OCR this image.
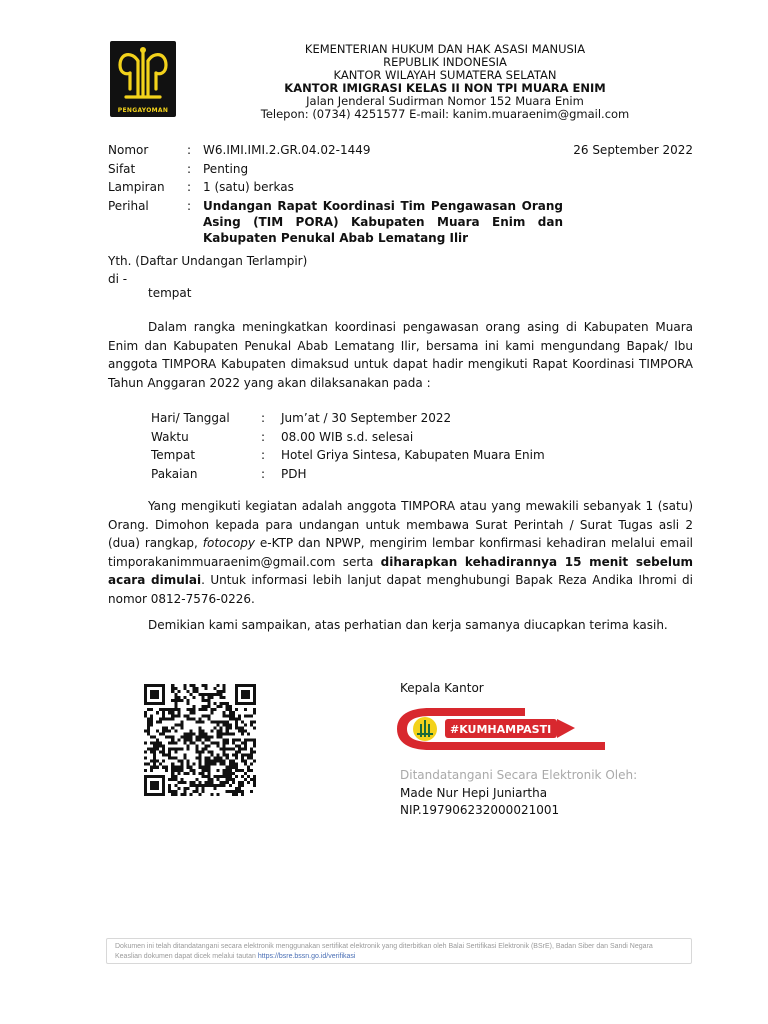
PENGAYOMAN
KEMENTERIAN HUKUM DAN HAK ASASI MANUSIA
REPUBLIK INDONESIA
KANTOR WILAYAH SUMATERA SELATAN
KANTOR IMIGRASI KELAS II NON TPI MUARA ENIM
Jalan Jenderal Sudirman Nomor 152 Muara Enim
Telepon: (0734) 4251577 E-mail: kanim.muaraenim@gmail.com
26 September 2022
Nomor	: W6.IMI.IMI.2.GR.04.02-1449
Sifat	: Penting
Lampiran	: 1 (satu) berkas
Perihal	: Undangan Rapat Koordinasi Tim Pengawasan Orang Asing (TIM PORA) Kabupaten Muara Enim dan Kabupaten Penukal Abab Lematang Ilir
Yth. (Daftar Undangan Terlampir)
di -
tempat
Dalam rangka meningkatkan koordinasi pengawasan orang asing di Kabupaten Muara Enim dan Kabupaten Penukal Abab Lematang Ilir, bersama ini kami mengundang Bapak/ Ibu anggota TIMPORA Kabupaten dimaksud untuk dapat hadir mengikuti Rapat Koordinasi TIMPORA Tahun Anggaran 2022 yang akan dilaksanakan pada :
Hari/ Tanggal	:	Jum’at / 30 September 2022
Waktu	:	08.00 WIB s.d. selesai
Tempat	:	Hotel Griya Sintesa, Kabupaten Muara Enim
Pakaian	:	PDH
Yang mengikuti kegiatan adalah anggota TIMPORA atau yang mewakili sebanyak 1 (satu) Orang. Dimohon kepada para undangan untuk membawa Surat Perintah / Surat Tugas asli 2 (dua) rangkap, fotocopy e-KTP dan NPWP, mengirim lembar konfirmasi kehadiran melalui email timporakanimmuaraenim@gmail.com serta diharapkan kehadirannya 15 menit sebelum acara dimulai. Untuk informasi lebih lanjut dapat menghubungi Bapak Reza Andika Ihromi di nomor 0812-7576-0226.
Demikian kami sampaikan, atas perhatian dan kerja samanya diucapkan terima kasih.
Kepala Kantor
#KUMHAMPASTI
Ditandatangani Secara Elektronik Oleh:
Made Nur Hepi Juniartha
NIP.197906232000021001
Dokumen ini telah ditandatangani secara elektronik menggunakan sertifikat elektronik yang diterbitkan oleh Balai Sertifikasi Elektronik (BSrE), Badan Siber dan Sandi Negara
Keaslian dokumen dapat dicek melalui tautan https://bsre.bssn.go.id/verifikasi
